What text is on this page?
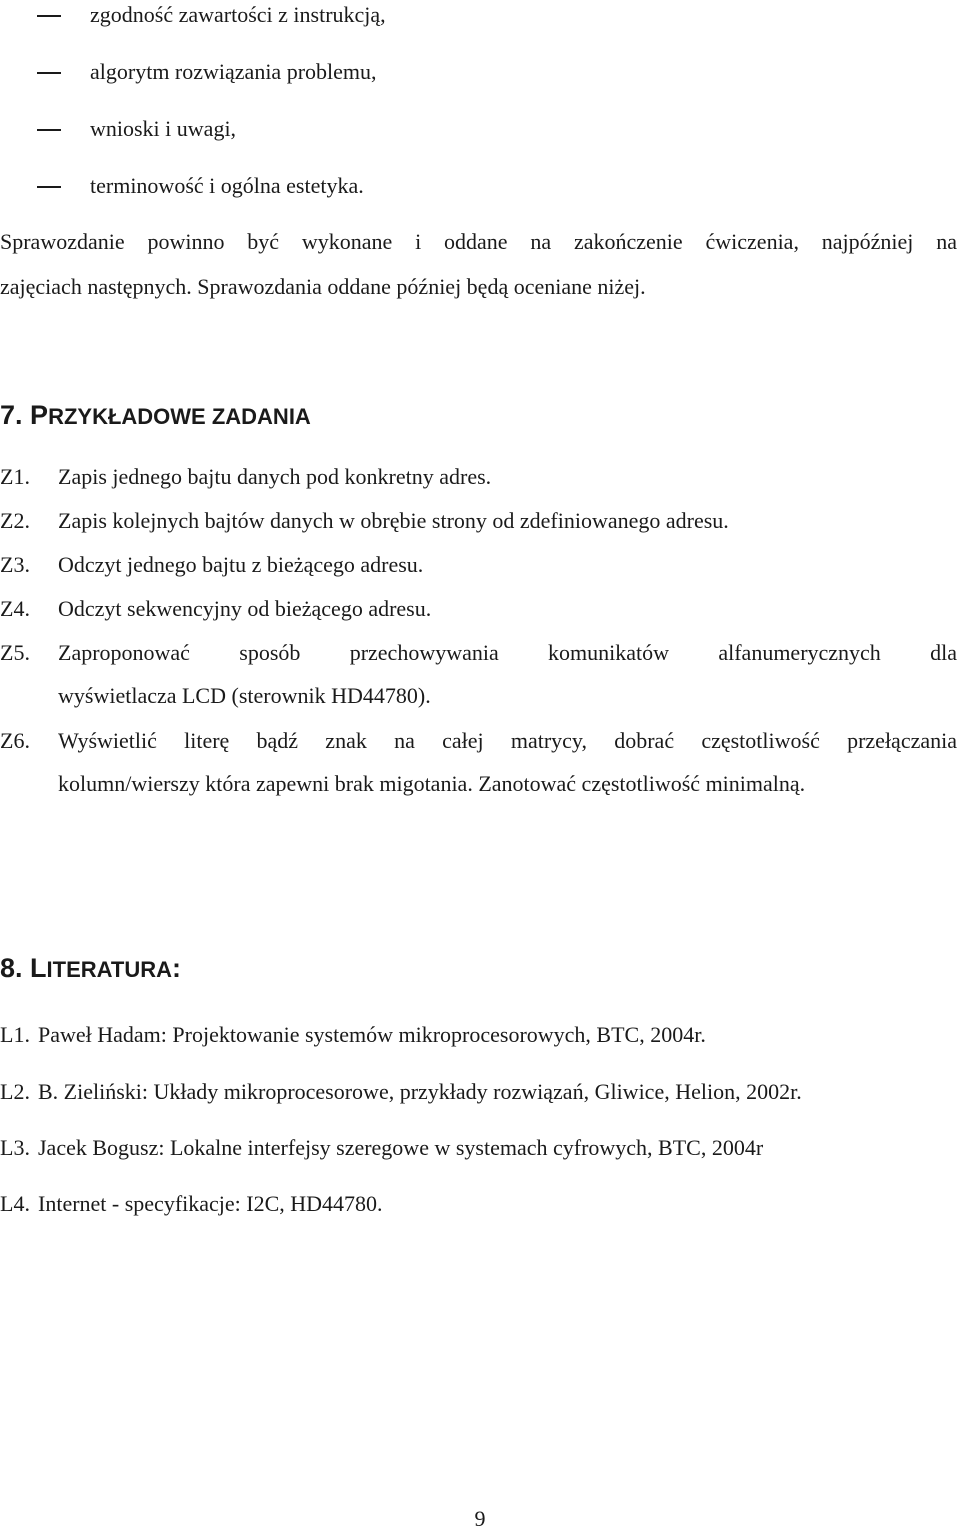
zgodność zawartości z instrukcją,
algorytm rozwiązania problemu,
wnioski i uwagi,
terminowość i ogólna estetyka.
Sprawozdanie powinno być wykonane i oddane na zakończenie ćwiczenia, najpóźniej na
zajęciach następnych. Sprawozdania oddane później będą oceniane niżej.
7. PRZYKŁADOWE ZADANIA
Z1. Zapis jednego bajtu danych pod konkretny adres.
Z2. Zapis kolejnych bajtów danych w obrębie strony od zdefiniowanego adresu.
Z3. Odczyt jednego bajtu z bieżącego adresu.
Z4. Odczyt sekwencyjny od bieżącego adresu.
Z5. Zaproponować sposób przechowywania komunikatów alfanumerycznych dla
wyświetlacza LCD (sterownik HD44780).
Z6. Wyświetlić literę bądź znak na całej matrycy, dobrać częstotliwość przełączania
kolumn/wierszy która zapewni brak migotania. Zanotować częstotliwość minimalną.
8. LITERATURA:
L1. Paweł Hadam: Projektowanie systemów mikroprocesorowych, BTC, 2004r.
L2. B. Zieliński: Układy mikroprocesorowe, przykłady rozwiązań, Gliwice, Helion, 2002r.
L3. Jacek Bogusz: Lokalne interfejsy szeregowe w systemach cyfrowych, BTC, 2004r
L4. Internet - specyfikacje: I2C, HD44780.
9
